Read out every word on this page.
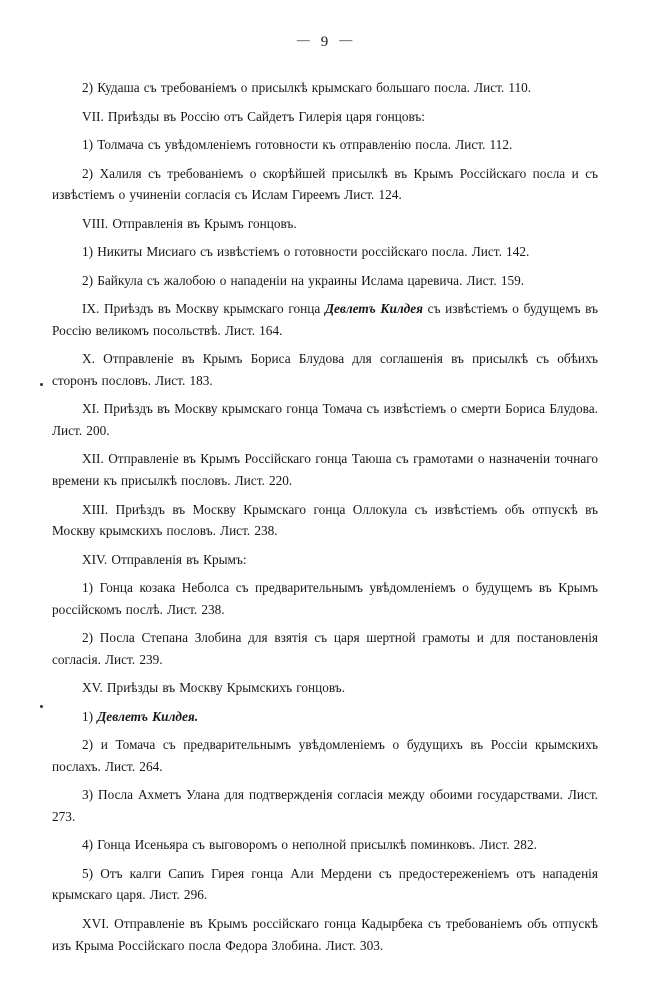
— 9 —

2) Кудаша съ требованіемъ о присылкѣ крымскаго большаго посла. Лист. 110.

VII. Приѣзды въ Россію отъ Сайдетъ Гилерія царя гонцовъ:

1) Толмача съ увѣдомленіемъ готовности къ отправленію посла. Лист. 112.

2) Халиля съ требованіемъ о скорѣйшей присылкѣ въ Крымъ Россійскаго посла и съ извѣстіемъ о учиненіи согласія съ Ислам Гиреемъ Лист. 124.

VIII. Отправленія въ Крымъ гонцовъ.

1) Никиты Мисиаго съ извѣстіемъ о готовности россійскаго посла. Лист. 142.

2) Байкула съ жалобою о нападеніи на украины Ислама царевича. Лист. 159.

IX. Приѣздъ въ Москву крымскаго гонца Девлетъ Килдея съ извѣстіемъ о будущемъ въ Россію великомъ посольствѣ. Лист. 164.

X. Отправленіе въ Крымъ Бориса Блудова для соглашенія въ присылкѣ съ обѣихъ сторонъ пословъ. Лист. 183.

XI. Приѣздъ въ Москву крымскаго гонца Томача съ извѣстіемъ о смерти Бориса Блудова. Лист. 200.

XII. Отправленіе въ Крымъ Россійскаго гонца Таюша съ грамотами о назначеніи точнаго времени къ присылкѣ пословъ. Лист. 220.

XIII. Приѣздъ въ Москву Крымскаго гонца Оллокула съ извѣстіемъ объ отпускѣ въ Москву крымскихъ пословъ. Лист. 238.

XIV. Отправленія въ Крымъ:

1) Гонца козака Неболса съ предварительнымъ увѣдомленіемъ о будущемъ въ Крымъ россійскомъ послѣ. Лист. 238.

2) Посла Степана Злобина для взятія съ царя шертной грамоты и для постановленія согласія. Лист. 239.

XV. Приѣзды въ Москву Крымскихъ гонцовъ.

1) Девлетъ Килдея.

2) и Томача съ предварительнымъ увѣдомленіемъ о будущихъ въ Россіи крымскихъ послахъ. Лист. 264.

3) Посла Ахметъ Улана для подтвержденія согласія между обоими государствами. Лист. 273.

4) Гонца Исеньяра съ выговоромъ о неполной присылкѣ поминковъ. Лист. 282.

5) Отъ калги Сапиъ Гирея гонца Али Мердени съ предостереженіемъ отъ нападенія крымскаго царя. Лист. 296.

XVI. Отправленіе въ Крымъ россійскаго гонца Кадырбека съ требованіемъ объ отпускѣ изъ Крыма Россійскаго посла Федора Злобина. Лист. 303.
